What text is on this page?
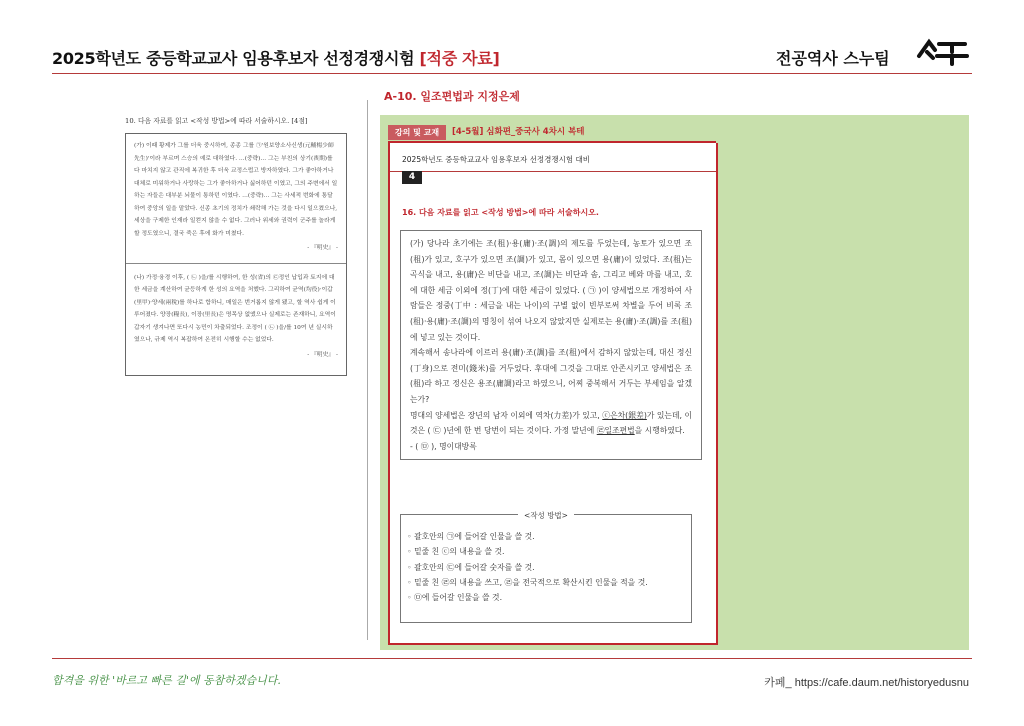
2025학년도 중등학교교사 임용후보자 선정경쟁시험 [적중 자료]	전공역사 스누팀
10. 다음 자료를 읽고 <작성 방법>에 따라 서술하시오. [4점]
(가) 이때 황제가 그를 더욱 중시하여, 종종 그를 ㉠'원보양소사신생(元輔楊少師先生)'이라 부르며 스승의 예로 대하였다. …(중략)… 그는 부친의 상기(喪期)를 다 마치지 않고 관직에 복귀한 후 더욱 교정스럽고 방자하였다. 그가 좋아하거나 대체로 미워하거나 사랑하는 그가 좋아하거나 싫어하던 이였고, 그의 주변에서 일하는 자들은 대부분 뇌물이 통하던 이였다. …(중략)… 그는 사세적 번화에 통달하여 중앙의 일을 맡았다. 신종 초기의 정치가 쇄락해 가는 것을 다시 일으켰으나, 세상을 구제한 인재라 일컫지 않을 수 없다. 그러나 위세와 권력이 군주를 놀라게 할 정도였으니, 결국 죽은 후에 화가 미쳤다.
- 『明史』 -
(나) 가정·융경 이후, ( ㉡ )을/를 시행하여, 한 성(省)의 ㉢정인 납입과 토지에 대한 세금을 계산하여 균등하게 한 성의 요역을 처했다. 그리하여 균역(均役)·이갑(里甲)·양세(兩稅)를 하나로 합하니, 매일은 번거롭지 않게 됐고, 할 역사 쉽게 이루어졌다. 양장(糧長), 이장(里長)은 명목상 없앴으나 실제로는 존재하니, 요역이 갑자기 생겨나면 또다시 농민이 차출되었다. 조정이 ( ㉡ )을/를 10여 년 실시하였으나, 규제 역시 복잡하여 온전히 시행할 수는 없었다.
- 『明史』 -
A-10. 일조편법과 지정은제
강의 및 교재	[4-5월] 심화편_중국사 4차시 복테
2025학년도 중등학교교사 임용후보자 선정경쟁시험 대비
4
16. 다음 자료를 읽고 <작성 방법>에 따라 서술하시오.

(가) 당나라 초기에는 조(租)·용(庸)·조(調)의 제도를 두었는데, 농토가 있으면 조(租)가 있고, 호구가 있으면 조(調)가 있고, 몸이 있으면 용(庸)이 있었다. 조(租)는 곡식을 내고, 용(庸)은 비단을 내고, 조(調)는 비단과 솜, 그리고 베와 마를 내고, 호에 대한 세금 이외에 정(丁)에 대한 세금이 있었다. ( ㉠ )이 양세법으로 개정하여 사람들은 정중(丁中 : 세금을 내는 나이)의 구별 없이 빈부로써 차별을 두어 비록 조(租)·용(庸)·조(調)의 명칭이 섞여 나오지 않았지만 실제로는 용(庸)·조(調)를 조(租)에 넣고 있는 것이다.

계속해서 송나라에 이르러 용(庸)·조(調)를 조(租)에서 감하지 않았는데, 대신 정신(丁身)으로 전미(錢米)를 거두었다. 후대에 그것을 그대로 안존시키고 양세법은 조(租)라 하고 정신은 용조(庸調)라고 하였으니, 어찌 중복해서 거두는 부세임을 알겠는가?

명대의 양세법은 장년의 남자 이외에 역차(力差)가 있고, ⓒ은차(銀差)가 있는데, 이것은 ( ㉢ )년에 한 번 당번이 되는 것이다. 가정 말년에 ㉣일조편법을 시행하였다.

- ( ㉤ ), 명이대방록

<작성 방법>
◦ 괄호안의 ㉠에 들어갈 인물을 쓸 것.
◦ 밑줄 친 ⓒ의 내용을 쓸 것.
◦ 괄호안의 ㉢에 들어갈 숫자를 쓸 것.
◦ 밑줄 친 ㉣의 내용을 쓰고, ㉣을 전국적으로 확산시킨 인물을 적을 것.
◦ ㉤에 들어갈 인물을 쓸 것.
합격을 위한 '바르고 빠른 길'에 동참하겠습니다.	카페_ https://cafe.daum.net/historyedusnu
